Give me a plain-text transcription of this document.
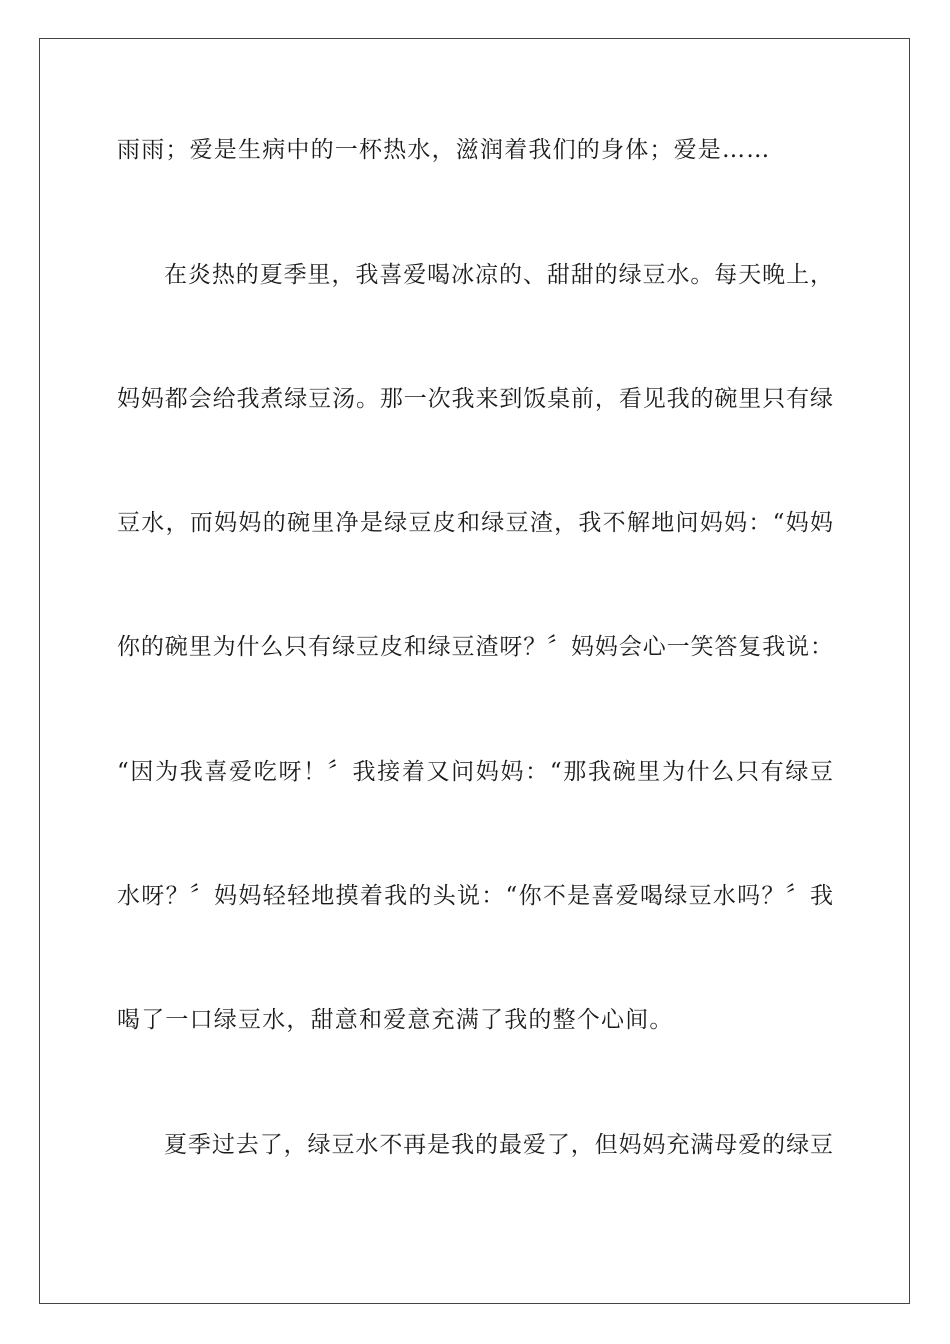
雨雨；爱是生病中的一杯热水，滋润着我们的身体；爱是……

在炎热的夏季里，我喜爱喝冰凉的、甜甜的绿豆水。每天晚上，

妈妈都会给我煮绿豆汤。那一次我来到饭桌前，看见我的碗里只有绿

豆水，而妈妈的碗里净是绿豆皮和绿豆渣，我不解地问妈妈：“妈妈

你的碗里为什么只有绿豆皮和绿豆渣呀？〞妈妈会心一笑答复我说：

“因为我喜爱吃呀！〞我接着又问妈妈：“那我碗里为什么只有绿豆

水呀？〞妈妈轻轻地摸着我的头说：“你不是喜爱喝绿豆水吗？〞我

喝了一口绿豆水，甜意和爱意充满了我的整个心间。

夏季过去了，绿豆水不再是我的最爱了，但妈妈充满母爱的绿豆
